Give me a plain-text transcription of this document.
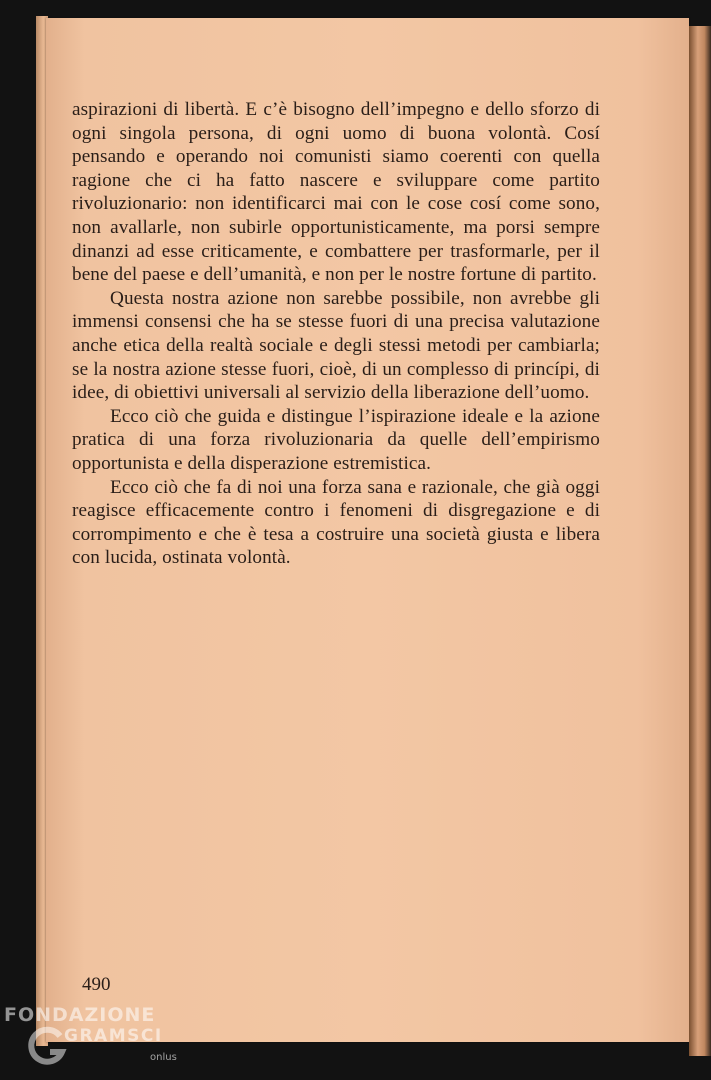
aspirazioni di libertà. E c’è bisogno dell’impegno e dello sforzo di ogni singola persona, di ogni uomo di buona volontà. Cosí pensando e operando noi comunisti siamo coerenti con quella ragione che ci ha fatto nascere e sviluppare come partito rivoluzionario: non identificarci mai con le cose cosí come sono, non avallarle, non subirle opportunisticamente, ma porsi sempre dinanzi ad esse criticamente, e combattere per trasformarle, per il bene del paese e dell’umanità, e non per le nostre fortune di partito.

Questa nostra azione non sarebbe possibile, non avrebbe gli immensi consensi che ha se stesse fuori di una precisa valutazione anche etica della realtà sociale e degli stessi metodi per cambiarla; se la nostra azione stesse fuori, cioè, di un complesso di princípi, di idee, di obiettivi universali al servizio della liberazione dell’uomo.

Ecco ciò che guida e distingue l’ispirazione ideale e la azione pratica di una forza rivoluzionaria da quelle dell’empirismo opportunista e della disperazione estremistica.

Ecco ciò che fa di noi una forza sana e razionale, che già oggi reagisce efficacemente contro i fenomeni di disgregazione e di corrompimento e che è tesa a costruire una società giusta e libera con lucida, ostinata volontà.

490
FONDAZIONE
GRAMSCI
onlus
